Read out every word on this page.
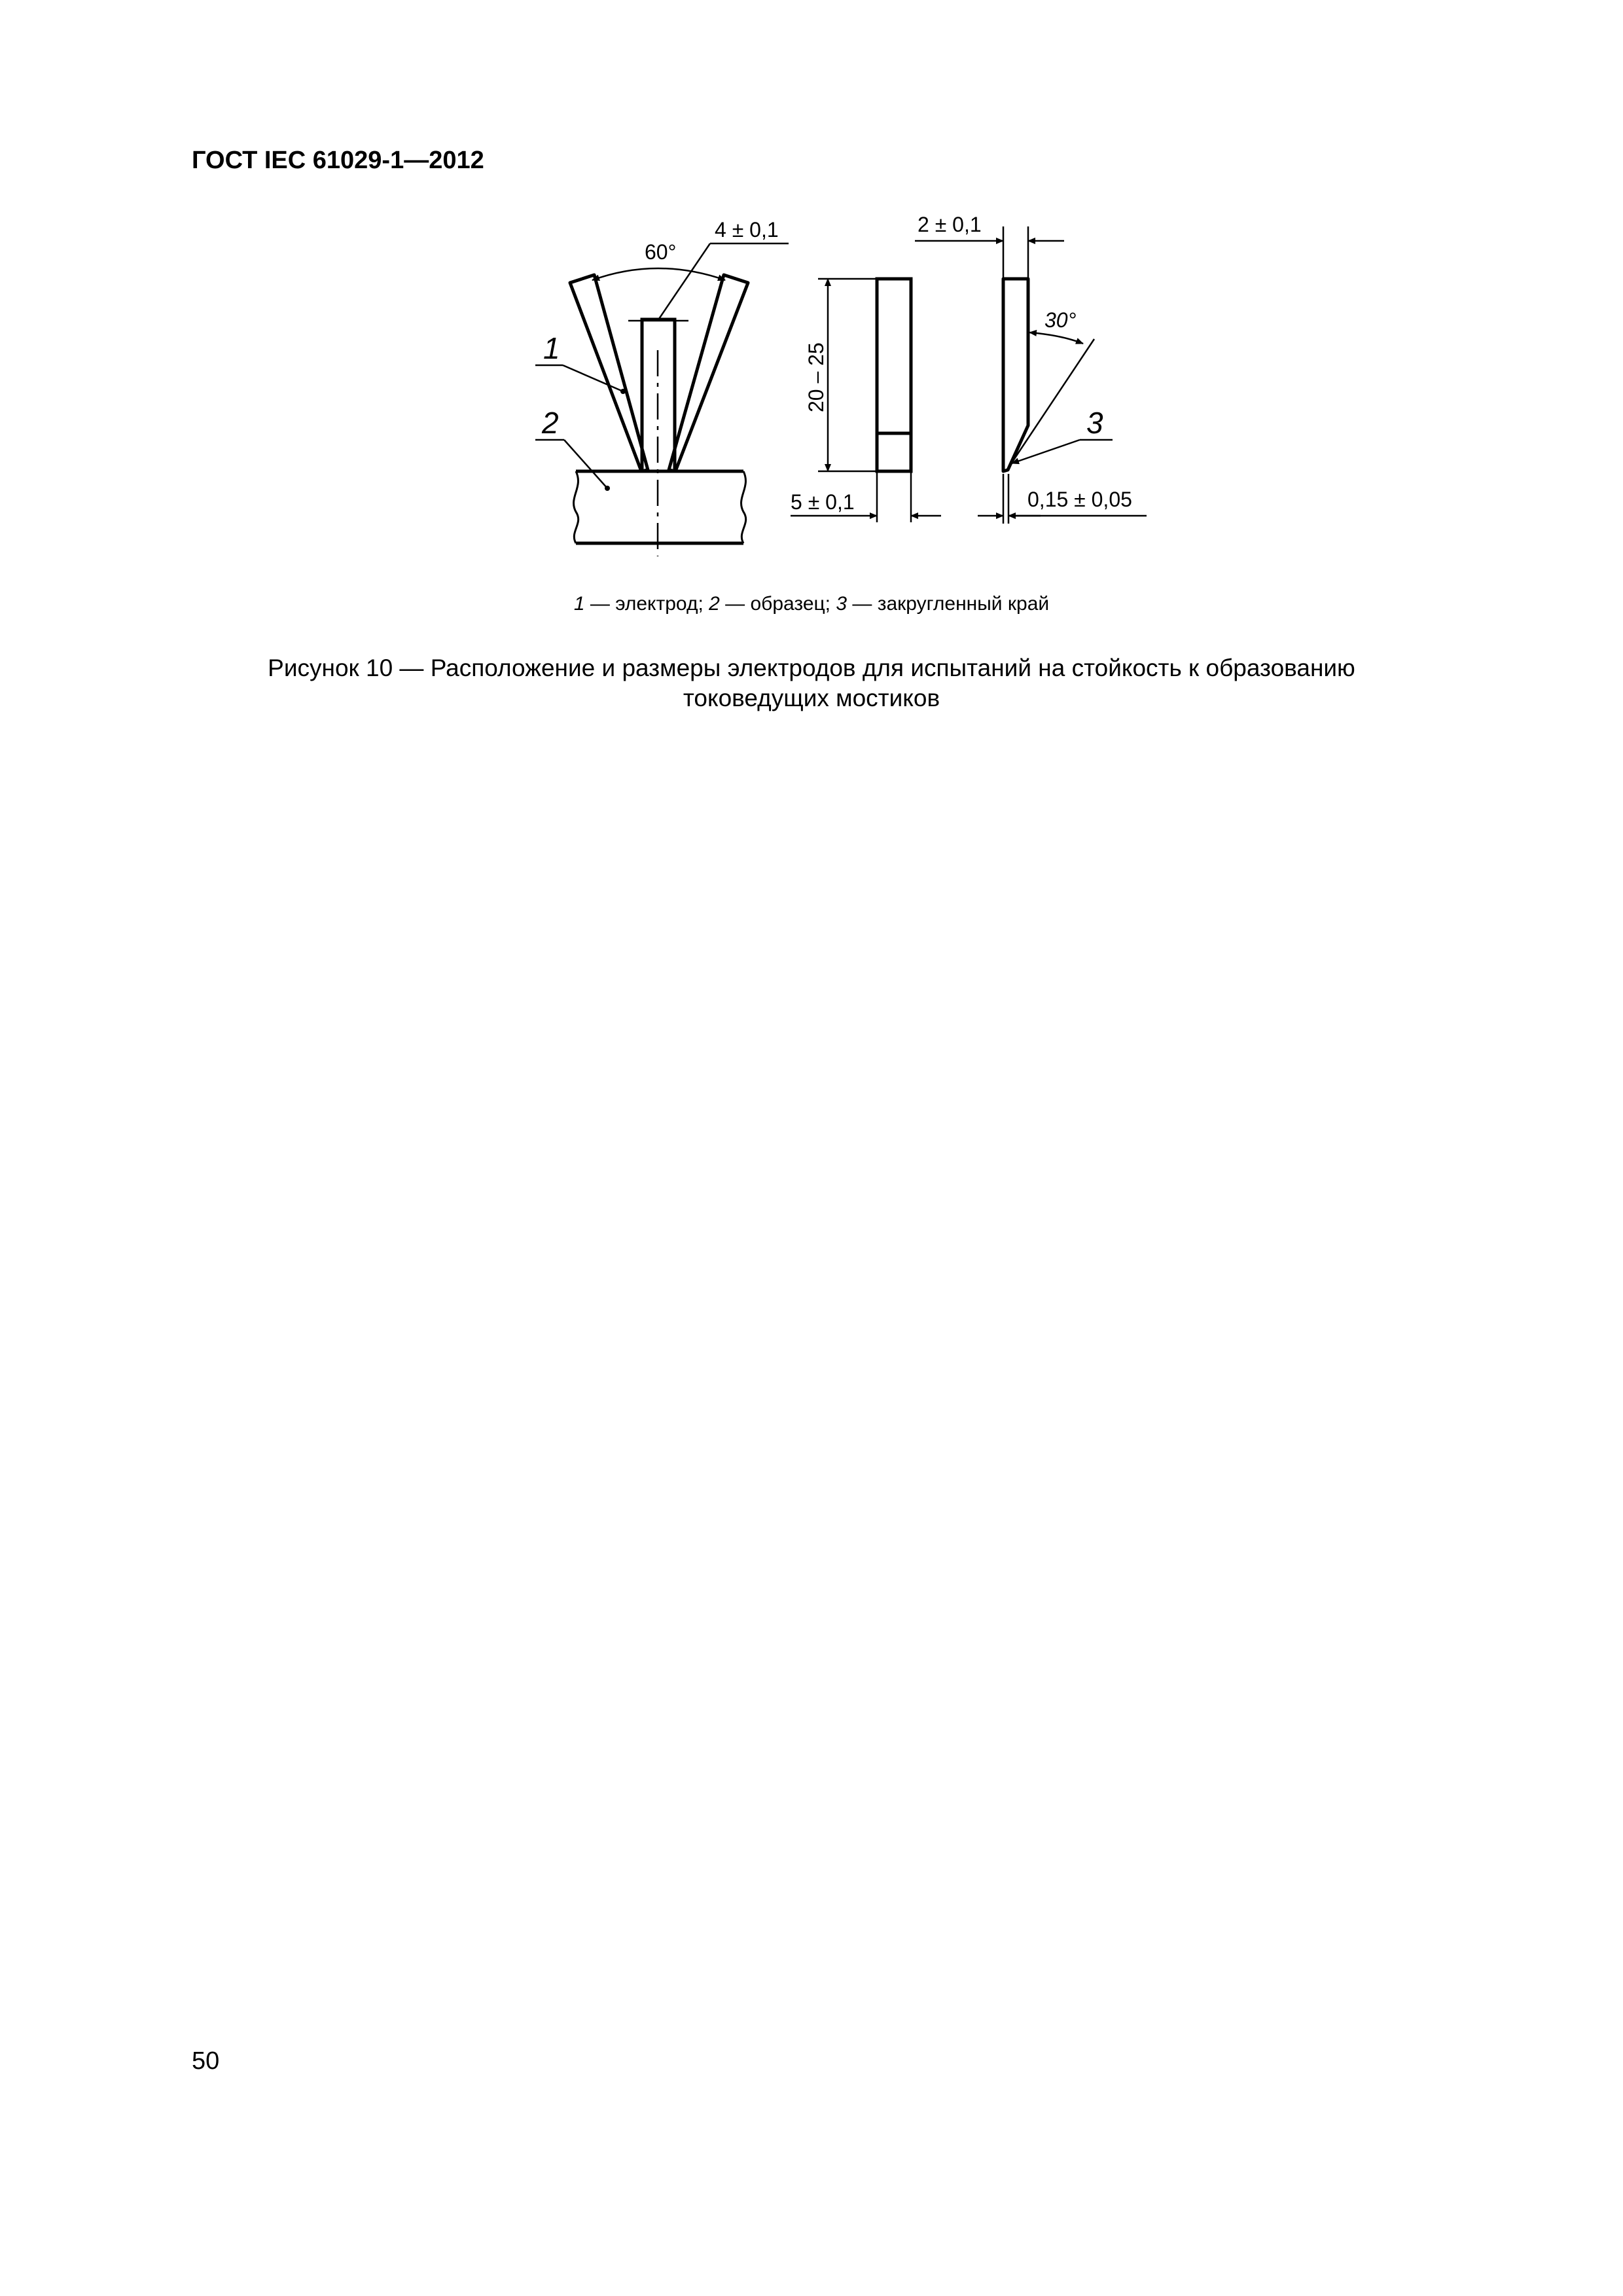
ГОСТ IEC 61029-1—2012
60°
4 ± 0,1
1
2
20 – 25
5 ± 0,1
2 ± 0,1
30°
3
0,15 ± 0,05
1 — электрод; 2 — образец; 3 — закругленный край
Рисунок 10 — Расположение и размеры электродов для испытаний на стойкость к образованию токоведущих мостиков
50
